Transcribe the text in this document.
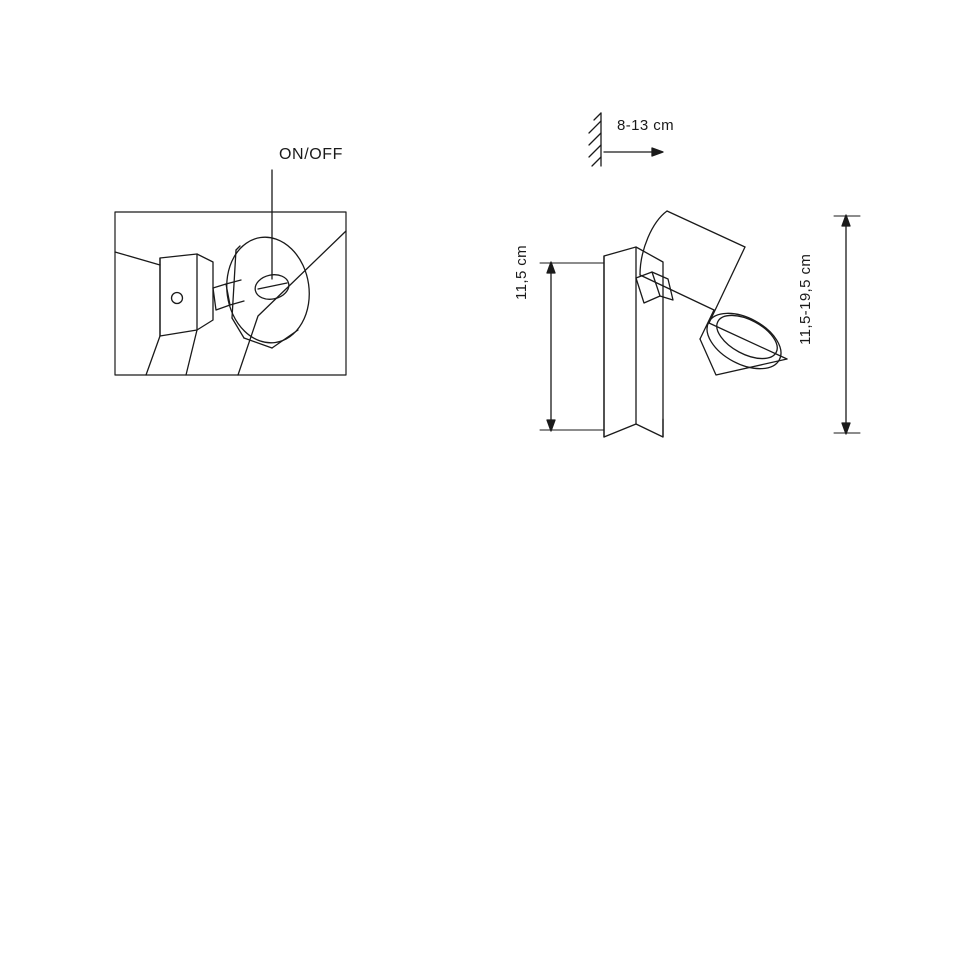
ON/OFF
8-13 cm
11,5 cm	11,5-19,5 cm
